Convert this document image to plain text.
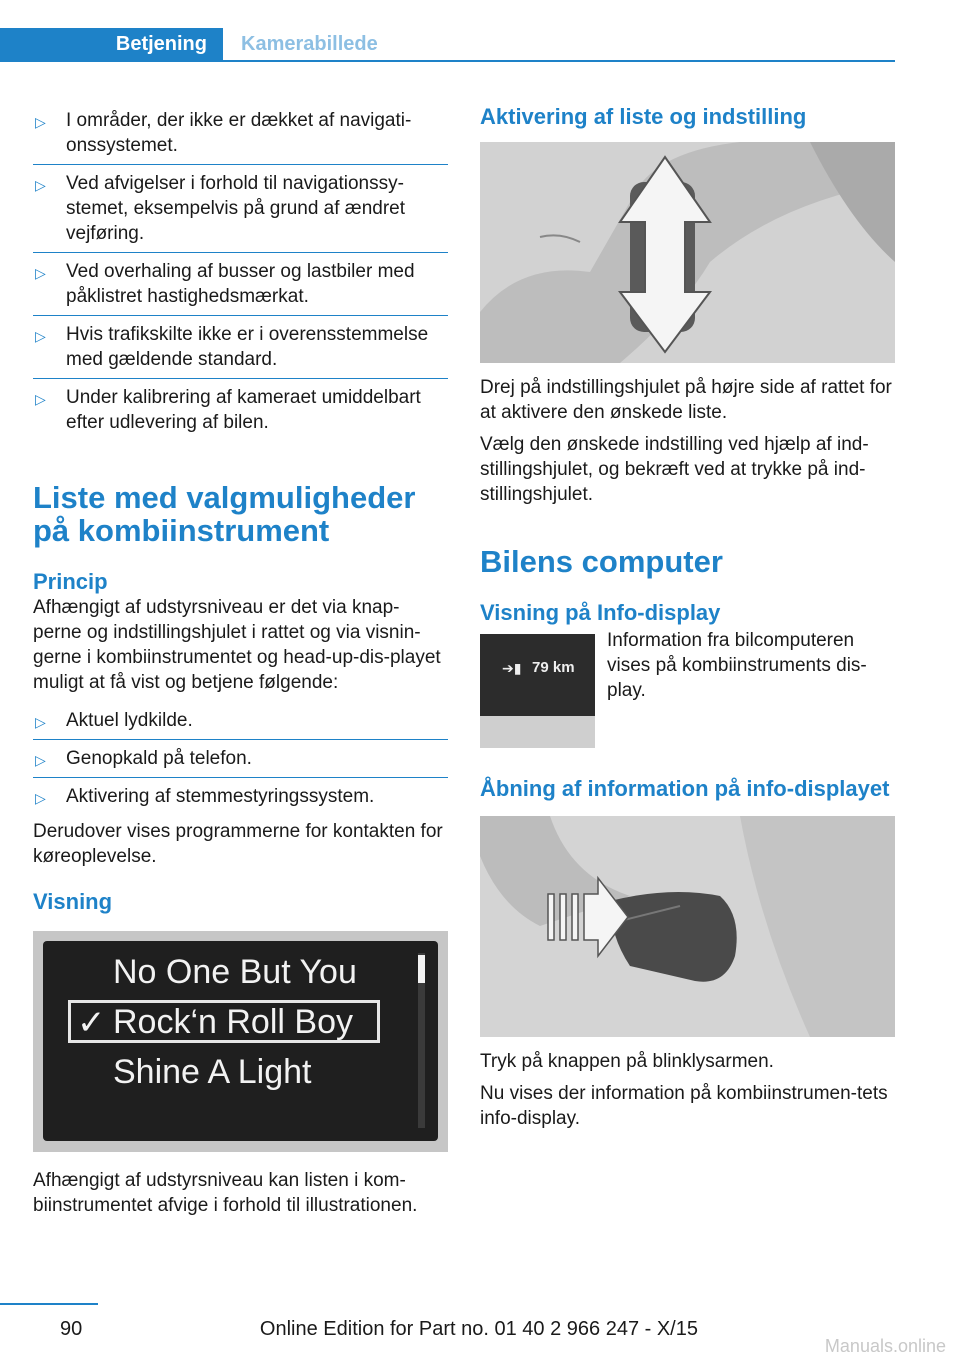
Betjening	Kamerabillede
▷ I områder, der ikke er dækket af navigati-onssystemet.
▷ Ved afvigelser i forhold til navigationssy-stemet, eksempelvis på grund af ændret vejføring.
▷ Ved overhaling af busser og lastbiler med påklistret hastighedsmærkat.
▷ Hvis trafikskilte ikke er i overensstemmelse med gældende standard.
▷ Under kalibrering af kameraet umiddelbart efter udlevering af bilen.
Liste med valgmuligheder på kombiinstrument
Princip

Afhængigt af udstyrsniveau er det via knap-perne og indstillingshjulet i rattet og via visnin-gerne i kombiinstrumentet og head-up-dis-playet muligt at få vist og betjene følgende:

▷ Aktuel lydkilde.
▷ Genopkald på telefon.
▷ Aktivering af stemmestyringssystem.

Derudover vises programmerne for kontakten for køreoplevelse.

Visning
No One But You
✓ Rock‘n Roll Boy
Shine A Light

Afhængigt af udstyrsniveau kan listen i kom-biinstrumentet afvige i forhold til illustrationen.

Aktivering af liste og indstilling

Drej på indstillingshjulet på højre side af rattet for at aktivere den ønskede liste.

Vælg den ønskede indstilling ved hjælp af ind-stillingshjulet, og bekræft ved at trykke på ind-stillingshjulet.

Bilens computer
Visning på Info-display
➔▮ 79 km

Information fra bilcomputeren vises på kombiinstruments dis-play.

Åbning af information på info-displayet

Tryk på knappen på blinklysarmen.

Nu vises der information på kombiinstrumen-tets info-display.

90	Online Edition for Part no. 01 40 2 966 247 - X/15
Manuals.online
